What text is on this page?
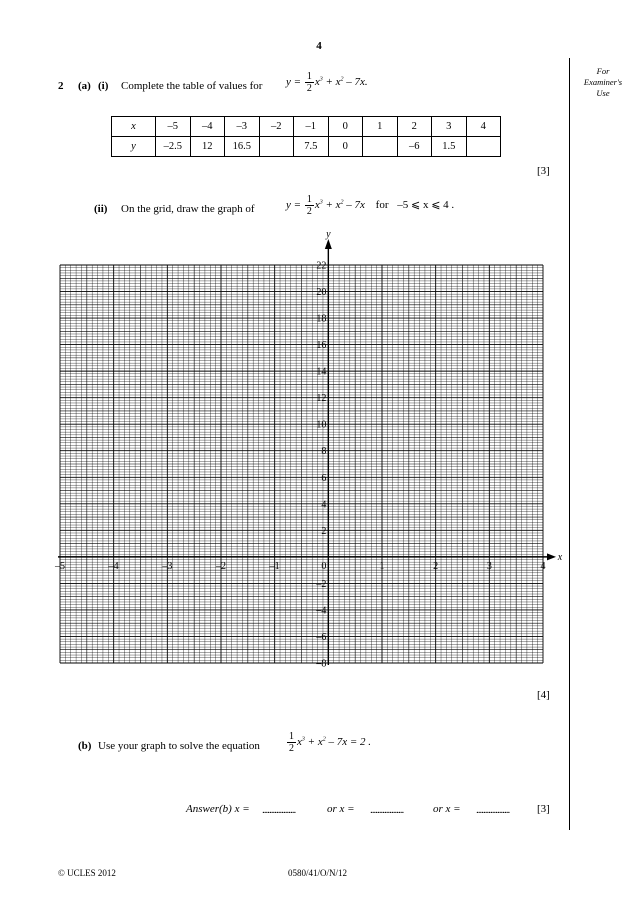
4
For
Examiner's
Use
2 (a) (i) Complete the table of values for $y = \frac{1}{2} x^3 + x^2 - 7x$.
x	–5	–4	–3	–2	–1	0	1	2	3	4
y	–2.5	12	16.5		7.5	0		–6	1.5	
[3]
(ii) On the grid, draw the graph of	$y = \frac{1}{2} x^3 + x^2 - 7x$ for –5 ⩽ x ⩽ 4 .
y
x
–5	–4	–3	–2	–1	0	1	2	3	4
–8
–6
–4
–2
2
4
6
8
10
12
14
16
18
20
22
[4]
(b) Use your graph to solve the equation	$\frac{1}{2} x^3 + x^2 - 7x = 2$ .
Answer(b) x = ...................	or x = ...................	or x = ...................	[3]
© UCLES 2012	0580/41/O/N/12
